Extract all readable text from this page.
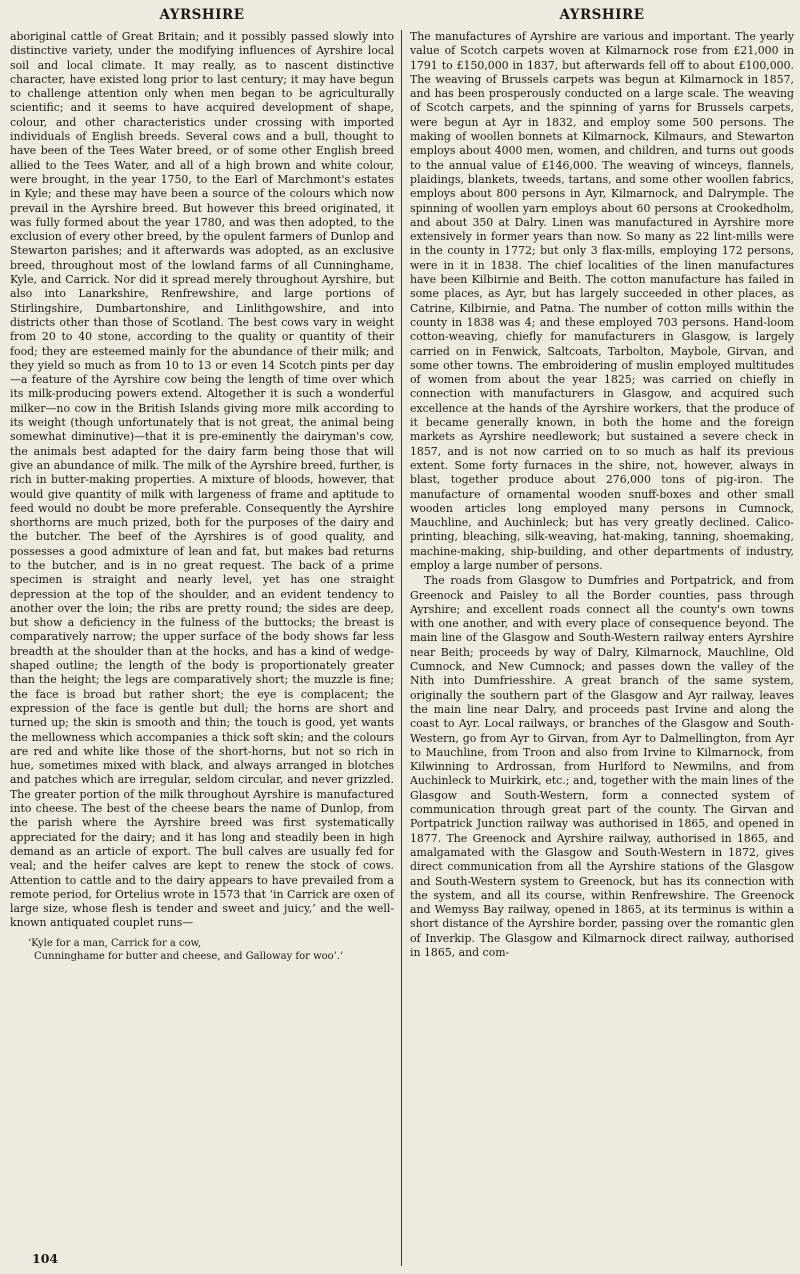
AYRSHIRE

aboriginal cattle of Great Britain; and it possibly passed slowly into distinctive variety, under the modifying influences of Ayrshire local soil and local climate. It may really, as to nascent distinctive character, have existed long prior to last century; it may have begun to challenge attention only when men began to be agriculturally scientific; and it seems to have acquired development of shape, colour, and other characteristics under crossing with imported individuals of English breeds. Several cows and a bull, thought to have been of the Tees Water breed, or of some other English breed allied to the Tees Water, and all of a high brown and white colour, were brought, in the year 1750, to the Earl of Marchmont's estates in Kyle; and these may have been a source of the colours which now prevail in the Ayrshire breed. But however this breed originated, it was fully formed about the year 1780, and was then adopted, to the exclusion of every other breed, by the opulent farmers of Dunlop and Stewarton parishes; and it afterwards was adopted, as an exclusive breed, throughout most of the lowland farms of all Cunninghame, Kyle, and Carrick. Nor did it spread merely throughout Ayrshire, but also into Lanarkshire, Renfrewshire, and large portions of Stirlingshire, Dumbartonshire, and Linlithgowshire, and into districts other than those of Scotland. The best cows vary in weight from 20 to 40 stone, according to the quality or quantity of their food; they are esteemed mainly for the abundance of their milk; and they yield so much as from 10 to 13 or even 14 Scotch pints per day—a feature of the Ayrshire cow being the length of time over which its milk-producing powers extend. Altogether it is such a wonderful milker—no cow in the British Islands giving more milk according to its weight (though unfortunately that is not great, the animal being somewhat diminutive)—that it is pre-eminently the dairyman's cow, the animals best adapted for the dairy farm being those that will give an abundance of milk. The milk of the Ayrshire breed, further, is rich in butter-making properties. A mixture of bloods, however, that would give quantity of milk with largeness of frame and aptitude to feed would no doubt be more preferable. Consequently the Ayrshire shorthorns are much prized, both for the purposes of the dairy and the butcher. The beef of the Ayrshires is of good quality, and possesses a good admixture of lean and fat, but makes bad returns to the butcher, and is in no great request. The back of a prime specimen is straight and nearly level, yet has one straight depression at the top of the shoulder, and an evident tendency to another over the loin; the ribs are pretty round; the sides are deep, but show a deficiency in the fulness of the buttocks; the breast is comparatively narrow; the upper surface of the body shows far less breadth at the shoulder than at the hocks, and has a kind of wedge-shaped outline; the length of the body is proportionately greater than the height; the legs are comparatively short; the muzzle is fine; the face is broad but rather short; the eye is complacent; the expression of the face is gentle but dull; the horns are short and turned up; the skin is smooth and thin; the touch is good, yet wants the mellowness which accompanies a thick soft skin; and the colours are red and white like those of the short-horns, but not so rich in hue, sometimes mixed with black, and always arranged in blotches and patches which are irregular, seldom circular, and never grizzled. The greater portion of the milk throughout Ayrshire is manufactured into cheese. The best of the cheese bears the name of Dunlop, from the parish where the Ayrshire breed was first systematically appreciated for the dairy; and it has long and steadily been in high demand as an article of export. The bull calves are usually fed for veal; and the heifer calves are kept to renew the stock of cows. Attention to cattle and to the dairy appears to have prevailed from a remote period, for Ortelius wrote in 1573 that ‘in Carrick are oxen of large size, whose flesh is tender and sweet and juicy,’ and the well-known antiquated couplet runs—

‘Kyle for a man, Carrick for a cow,
Cunninghame for butter and cheese, and Galloway for woo’.’
AYRSHIRE

The manufactures of Ayrshire are various and important. The yearly value of Scotch carpets woven at Kilmarnock rose from £21,000 in 1791 to £150,000 in 1837, but afterwards fell off to about £100,000. The weaving of Brussels carpets was begun at Kilmarnock in 1857, and has been prosperously conducted on a large scale. The weaving of Scotch carpets, and the spinning of yarns for Brussels carpets, were begun at Ayr in 1832, and employ some 500 persons. The making of woollen bonnets at Kilmarnock, Kilmaurs, and Stewarton employs about 4000 men, women, and children, and turns out goods to the annual value of £146,000. The weaving of winceys, flannels, plaidings, blankets, tweeds, tartans, and some other woollen fabrics, employs about 800 persons in Ayr, Kilmarnock, and Dalrymple. The spinning of woollen yarn employs about 60 persons at Crookedholm, and about 350 at Dalry. Linen was manufactured in Ayrshire more extensively in former years than now. So many as 22 lint-mills were in the county in 1772; but only 3 flax-mills, employing 172 persons, were in it in 1838. The chief localities of the linen manufactures have been Kilbirnie and Beith. The cotton manufacture has failed in some places, as Ayr, but has largely succeeded in other places, as Catrine, Kilbirnie, and Patna. The number of cotton mills within the county in 1838 was 4; and these employed 703 persons. Hand-loom cotton-weaving, chiefly for manufacturers in Glasgow, is largely carried on in Fenwick, Saltcoats, Tarbolton, Maybole, Girvan, and some other towns. The embroidering of muslin employed multitudes of women from about the year 1825; was carried on chiefly in connection with manufacturers in Glasgow, and acquired such excellence at the hands of the Ayrshire workers, that the produce of it became generally known, in both the home and the foreign markets as Ayrshire needlework; but sustained a severe check in 1857, and is not now carried on to so much as half its previous extent. Some forty furnaces in the shire, not, however, always in blast, together produce about 276,000 tons of pig-iron. The manufacture of ornamental wooden snuff-boxes and other small wooden articles long employed many persons in Cumnock, Mauchline, and Auchinleck; but has very greatly declined. Calico-printing, bleaching, silk-weaving, hat-making, tanning, shoemaking, machine-making, ship-building, and other departments of industry, employ a large number of persons.

The roads from Glasgow to Dumfries and Portpatrick, and from Greenock and Paisley to all the Border counties, pass through Ayrshire; and excellent roads connect all the county's own towns with one another, and with every place of consequence beyond. The main line of the Glasgow and South-Western railway enters Ayrshire near Beith; proceeds by way of Dalry, Kilmarnock, Mauchline, Old Cumnock, and New Cumnock; and passes down the valley of the Nith into Dumfriesshire. A great branch of the same system, originally the southern part of the Glasgow and Ayr railway, leaves the main line near Dalry, and proceeds past Irvine and along the coast to Ayr. Local railways, or branches of the Glasgow and South-Western, go from Ayr to Girvan, from Ayr to Dalmellington, from Ayr to Mauchline, from Troon and also from Irvine to Kilmarnock, from Kilwinning to Ardrossan, from Hurlford to Newmilns, and from Auchinleck to Muirkirk, etc.; and, together with the main lines of the Glasgow and South-Western, form a connected system of communication through great part of the county. The Girvan and Portpatrick Junction railway was authorised in 1865, and opened in 1877. The Greenock and Ayrshire railway, authorised in 1865, and amalgamated with the Glasgow and South-Western in 1872, gives direct communication from all the Ayrshire stations of the Glasgow and South-Western system to Greenock, but has its connection with the system, and all its course, within Renfrewshire. The Greenock and Wemyss Bay railway, opened in 1865, at its terminus is within a short distance of the Ayrshire border, passing over the romantic glen of Inverkip. The Glasgow and Kilmarnock direct railway, authorised in 1865, and com-

104
